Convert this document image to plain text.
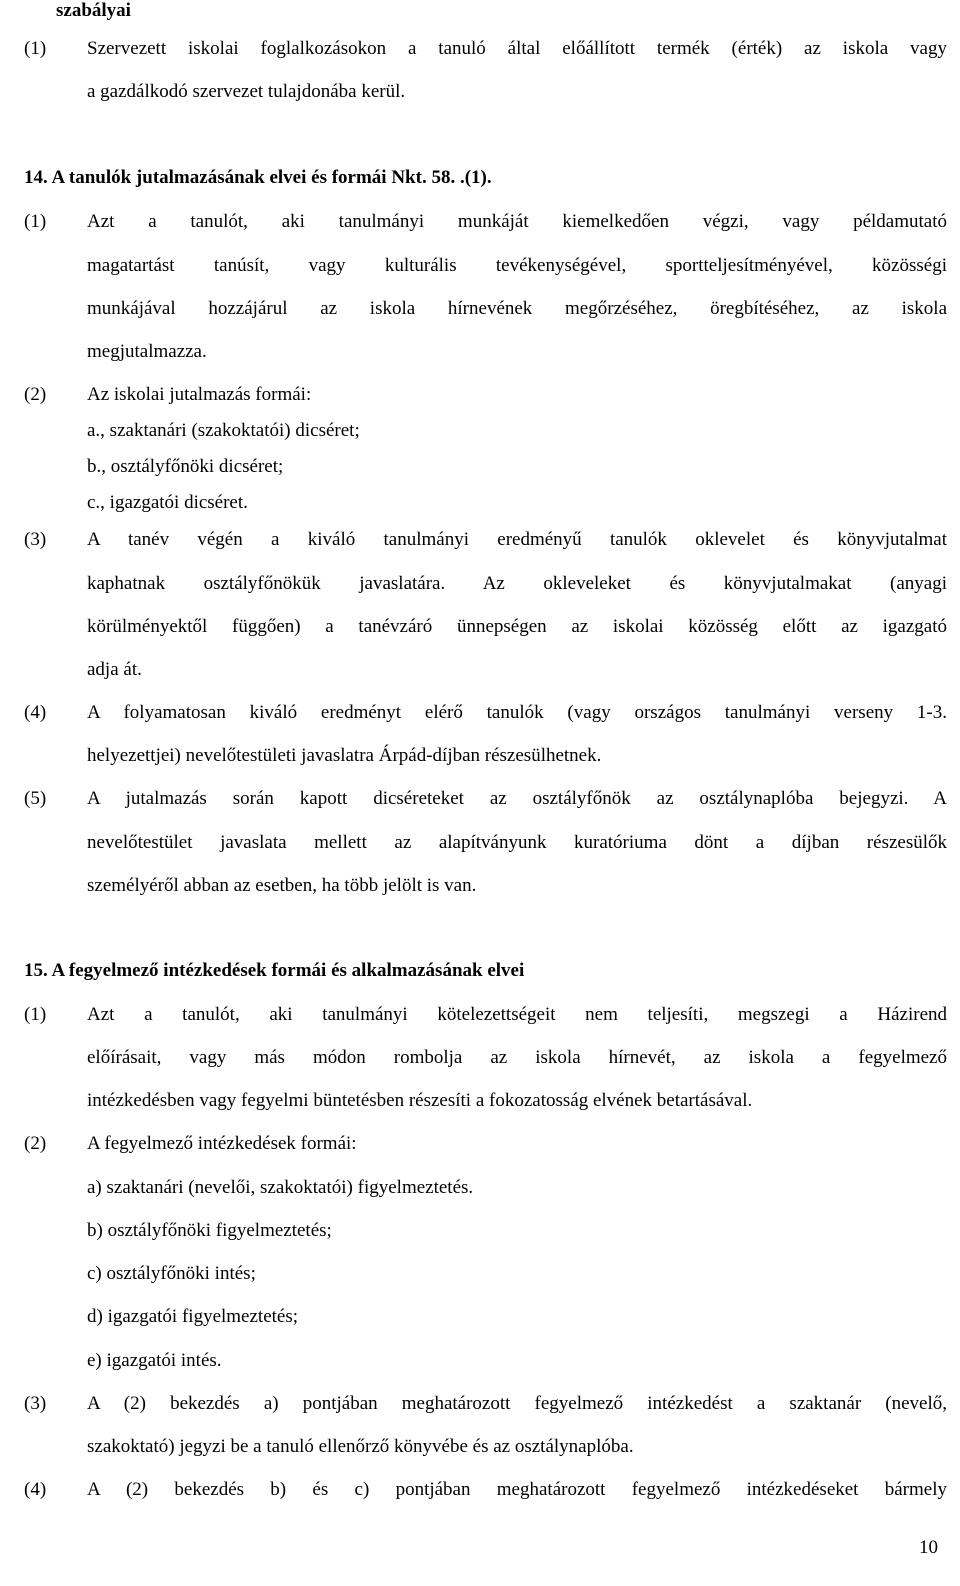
szabályai
(1) Szervezett iskolai foglalkozásokon a tanuló által előállított termék (érték) az iskola vagy
a gazdálkodó szervezet tulajdonába kerül.
14. A tanulók jutalmazásának elvei és formái Nkt. 58. .(1).
(1) Azt a tanulót, aki tanulmányi munkáját kiemelkedően végzi, vagy példamutató
magatartást tanúsít, vagy kulturális tevékenységével, sportteljesítményével, közösségi
munkájával hozzájárul az iskola hírnevének megőrzéséhez, öregbítéséhez, az iskola
megjutalmazza.
(2) Az iskolai jutalmazás formái:
a., szaktanári (szakoktatói) dicséret;
b., osztályfőnöki dicséret;
c., igazgatói dicséret.
(3) A tanév végén a kiváló tanulmányi eredményű tanulók oklevelet és könyvjutalmat
kaphatnak osztályfőnökük javaslatára. Az okleveleket és könyvjutalmakat (anyagi
körülményektől függően) a tanévzáró ünnepségen az iskolai közösség előtt az igazgató
adja át.
(4) A folyamatosan kiváló eredményt elérő tanulók (vagy országos tanulmányi verseny 1-3.
helyezettjei) nevelőtestületi javaslatra Árpád-díjban részesülhetnek.
(5) A jutalmazás során kapott dicséreteket az osztályfőnök az osztálynaplóba bejegyzi. A
nevelőtestület javaslata mellett az alapítványunk kuratóriuma dönt a díjban részesülők
személyéről abban az esetben, ha több jelölt is van.
15. A fegyelmező intézkedések formái és alkalmazásának elvei
(1) Azt a tanulót, aki tanulmányi kötelezettségeit nem teljesíti, megszegi a Házirend
előírásait, vagy más módon rombolja az iskola hírnevét, az iskola a fegyelmező
intézkedésben vagy fegyelmi büntetésben részesíti a fokozatosság elvének betartásával.
(2) A fegyelmező intézkedések formái:
a) szaktanári (nevelői, szakoktatói) figyelmeztetés.
b) osztályfőnöki figyelmeztetés;
c) osztályfőnöki intés;
d) igazgatói figyelmeztetés;
e) igazgatói intés.
(3) A (2) bekezdés a) pontjában meghatározott fegyelmező intézkedést a szaktanár (nevelő,
szakoktató) jegyzi be a tanuló ellenőrző könyvébe és az osztálynaplóba.
(4) A (2) bekezdés b) és c) pontjában meghatározott fegyelmező intézkedéseket bármely
10
